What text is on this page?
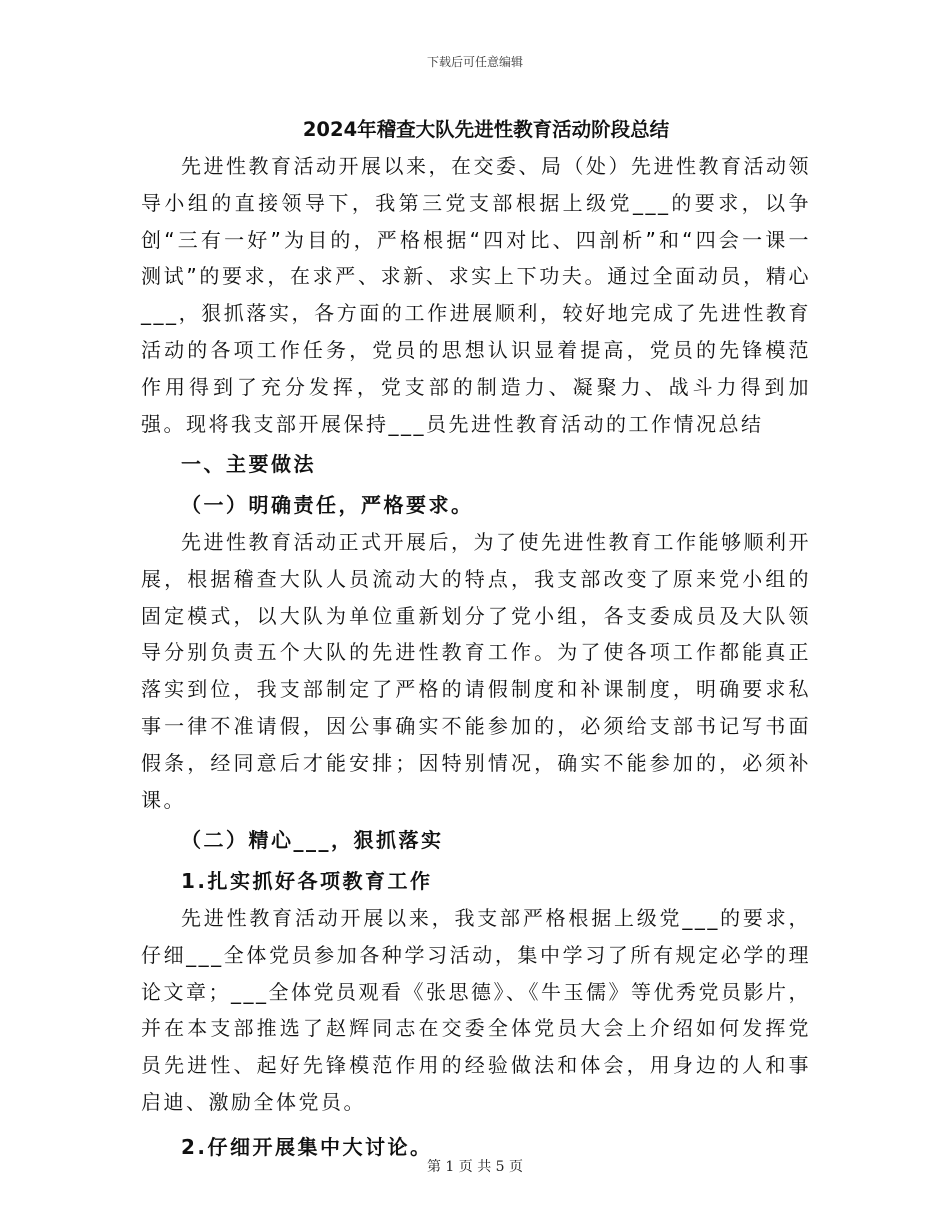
下载后可任意编辑
2024年稽查大队先进性教育活动阶段总结

先进性教育活动开展以来，在交委、局（处）先进性教育活动领导小组的直接领导下，我第三党支部根据上级党___的要求，以争创“三有一好”为目的，严格根据“四对比、四剖析”和“四会一课一测试”的要求，在求严、求新、求实上下功夫。通过全面动员，精心___，狠抓落实，各方面的工作进展顺利，较好地完成了先进性教育活动的各项工作任务，党员的思想认识显着提高，党员的先锋模范作用得到了充分发挥，党支部的制造力、凝聚力、战斗力得到加强。现将我支部开展保持___员先进性教育活动的工作情况总结

一、主要做法

（一）明确责任，严格要求。

先进性教育活动正式开展后，为了使先进性教育工作能够顺利开展，根据稽查大队人员流动大的特点，我支部改变了原来党小组的固定模式，以大队为单位重新划分了党小组，各支委成员及大队领导分别负责五个大队的先进性教育工作。为了使各项工作都能真正落实到位，我支部制定了严格的请假制度和补课制度，明确要求私事一律不准请假，因公事确实不能参加的，必须给支部书记写书面假条，经同意后才能安排；因特别情况，确实不能参加的，必须补课。

（二）精心___，狠抓落实

1.扎实抓好各项教育工作

先进性教育活动开展以来，我支部严格根据上级党___的要求，仔细___全体党员参加各种学习活动，集中学习了所有规定必学的理论文章；___全体党员观看《张思德》、《牛玉儒》等优秀党员影片，并在本支部推选了赵辉同志在交委全体党员大会上介绍如何发挥党员先进性、起好先锋模范作用的经验做法和体会，用身边的人和事启迪、激励全体党员。

2.仔细开展集中大讨论。

第 1 页 共 5 页
